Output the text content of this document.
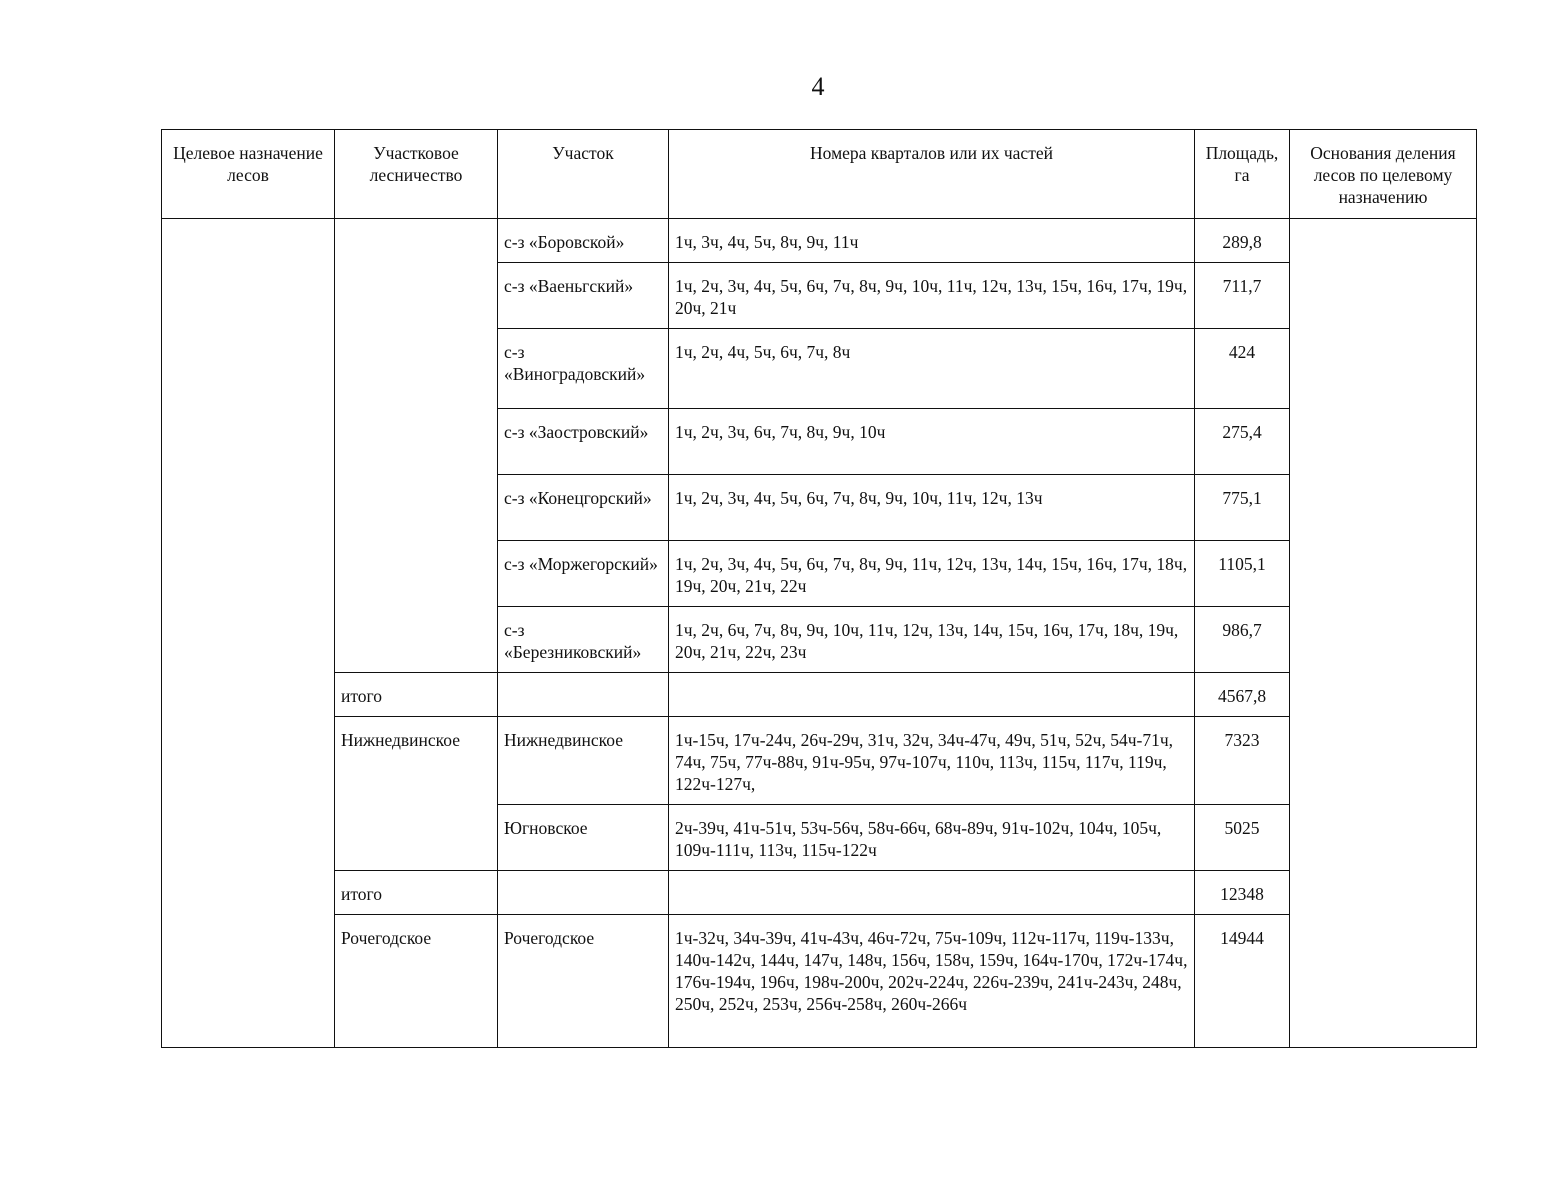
4
Целевое назначение лесов	Участковое лесничество	Участок	Номера кварталов или их частей	Площадь, га	Основания деления лесов по целевому назначению
		с-з «Боровской»	1ч, 3ч, 4ч, 5ч, 8ч, 9ч, 11ч	289,8	
		с-з «Ваеньгский»	1ч, 2ч, 3ч, 4ч, 5ч, 6ч, 7ч, 8ч, 9ч, 10ч, 11ч, 12ч, 13ч, 15ч, 16ч, 17ч, 19ч, 20ч, 21ч	711,7	
		с-з «Виноградовский»	1ч, 2ч, 4ч, 5ч, 6ч, 7ч, 8ч	424	
		с-з «Заостровский»	1ч, 2ч, 3ч, 6ч, 7ч, 8ч, 9ч, 10ч	275,4	
		с-з «Конецгорский»	1ч, 2ч, 3ч, 4ч, 5ч, 6ч, 7ч, 8ч, 9ч, 10ч, 11ч, 12ч, 13ч	775,1	
		с-з «Моржегорский»	1ч, 2ч, 3ч, 4ч, 5ч, 6ч, 7ч, 8ч, 9ч, 11ч, 12ч, 13ч, 14ч, 15ч, 16ч, 17ч, 18ч, 19ч, 20ч, 21ч, 22ч	1105,1	
		с-з «Березниковский»	1ч, 2ч, 6ч, 7ч, 8ч, 9ч, 10ч, 11ч, 12ч, 13ч, 14ч, 15ч, 16ч, 17ч, 18ч, 19ч, 20ч, 21ч, 22ч, 23ч	986,7	
	итого			4567,8	
	Нижнедвинское	Нижнедвинское	1ч-15ч, 17ч-24ч, 26ч-29ч, 31ч, 32ч, 34ч-47ч, 49ч, 51ч, 52ч, 54ч-71ч, 74ч, 75ч, 77ч-88ч, 91ч-95ч, 97ч-107ч, 110ч, 113ч, 115ч, 117ч, 119ч, 122ч-127ч,	7323	
		Югновское	2ч-39ч, 41ч-51ч, 53ч-56ч, 58ч-66ч, 68ч-89ч, 91ч-102ч, 104ч, 105ч, 109ч-111ч, 113ч, 115ч-122ч	5025	
	итого			12348	
	Рочегодское	Рочегодское	1ч-32ч, 34ч-39ч, 41ч-43ч, 46ч-72ч, 75ч-109ч, 112ч-117ч, 119ч-133ч, 140ч-142ч, 144ч, 147ч, 148ч, 156ч, 158ч, 159ч, 164ч-170ч, 172ч-174ч, 176ч-194ч, 196ч, 198ч-200ч, 202ч-224ч, 226ч-239ч, 241ч-243ч, 248ч, 250ч, 252ч, 253ч, 256ч-258ч, 260ч-266ч	14944	
